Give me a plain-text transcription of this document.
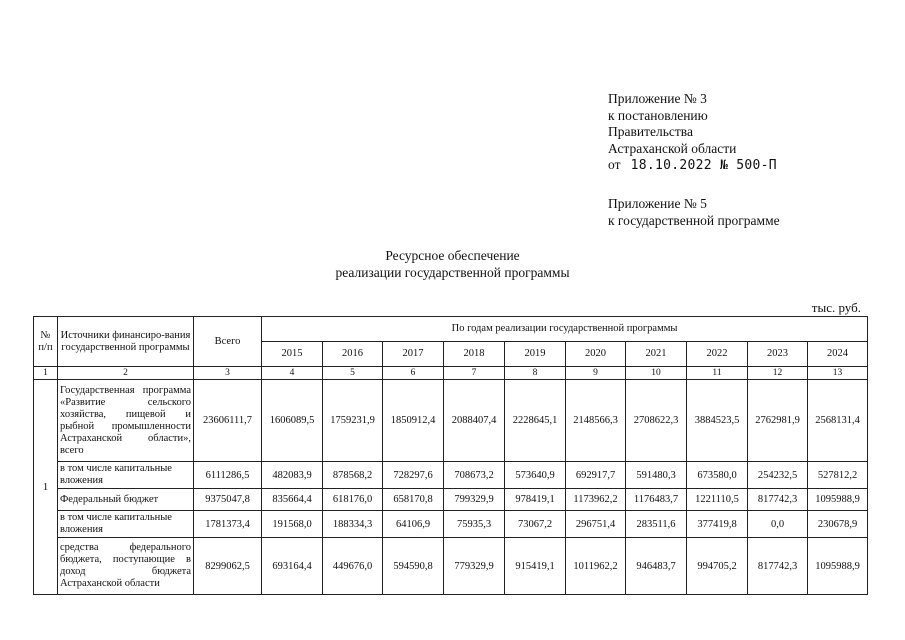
Приложение № 3
к постановлению
Правительства
Астраханской области
от 18.10.2022 № 500-П
Приложение № 5
к государственной программе
Ресурсное обеспечение
реализации государственной программы
тыс. руб.
№ п/п	Источники финансиро-вания государственной программы	Всего	По годам реализации государственной программы									
			2015	2016	2017	2018	2019	2020	2021	2022	2023	2024
1	2	3	4	5	6	7	8	9	10	11	12	13
1	Государственная программа «Развитие сельского хозяйства, пищевой и рыбной промышленности Астраханской области», всего	23606111,7	1606089,5	1759231,9	1850912,4	2088407,4	2228645,1	2148566,3	2708622,3	3884523,5	2762981,9	2568131,4
	в том числе капитальные вложения	6111286,5	482083,9	878568,2	728297,6	708673,2	573640,9	692917,7	591480,3	673580,0	254232,5	527812,2
	Федеральный бюджет	9375047,8	835664,4	618176,0	658170,8	799329,9	978419,1	1173962,2	1176483,7	1221110,5	817742,3	1095988,9
	в том числе капитальные вложения	1781373,4	191568,0	188334,3	64106,9	75935,3	73067,2	296751,4	283511,6	377419,8	0,0	230678,9
	средства федерального бюджета, поступающие в доход бюджета Астраханской области	8299062,5	693164,4	449676,0	594590,8	779329,9	915419,1	1011962,2	946483,7	994705,2	817742,3	1095988,9
